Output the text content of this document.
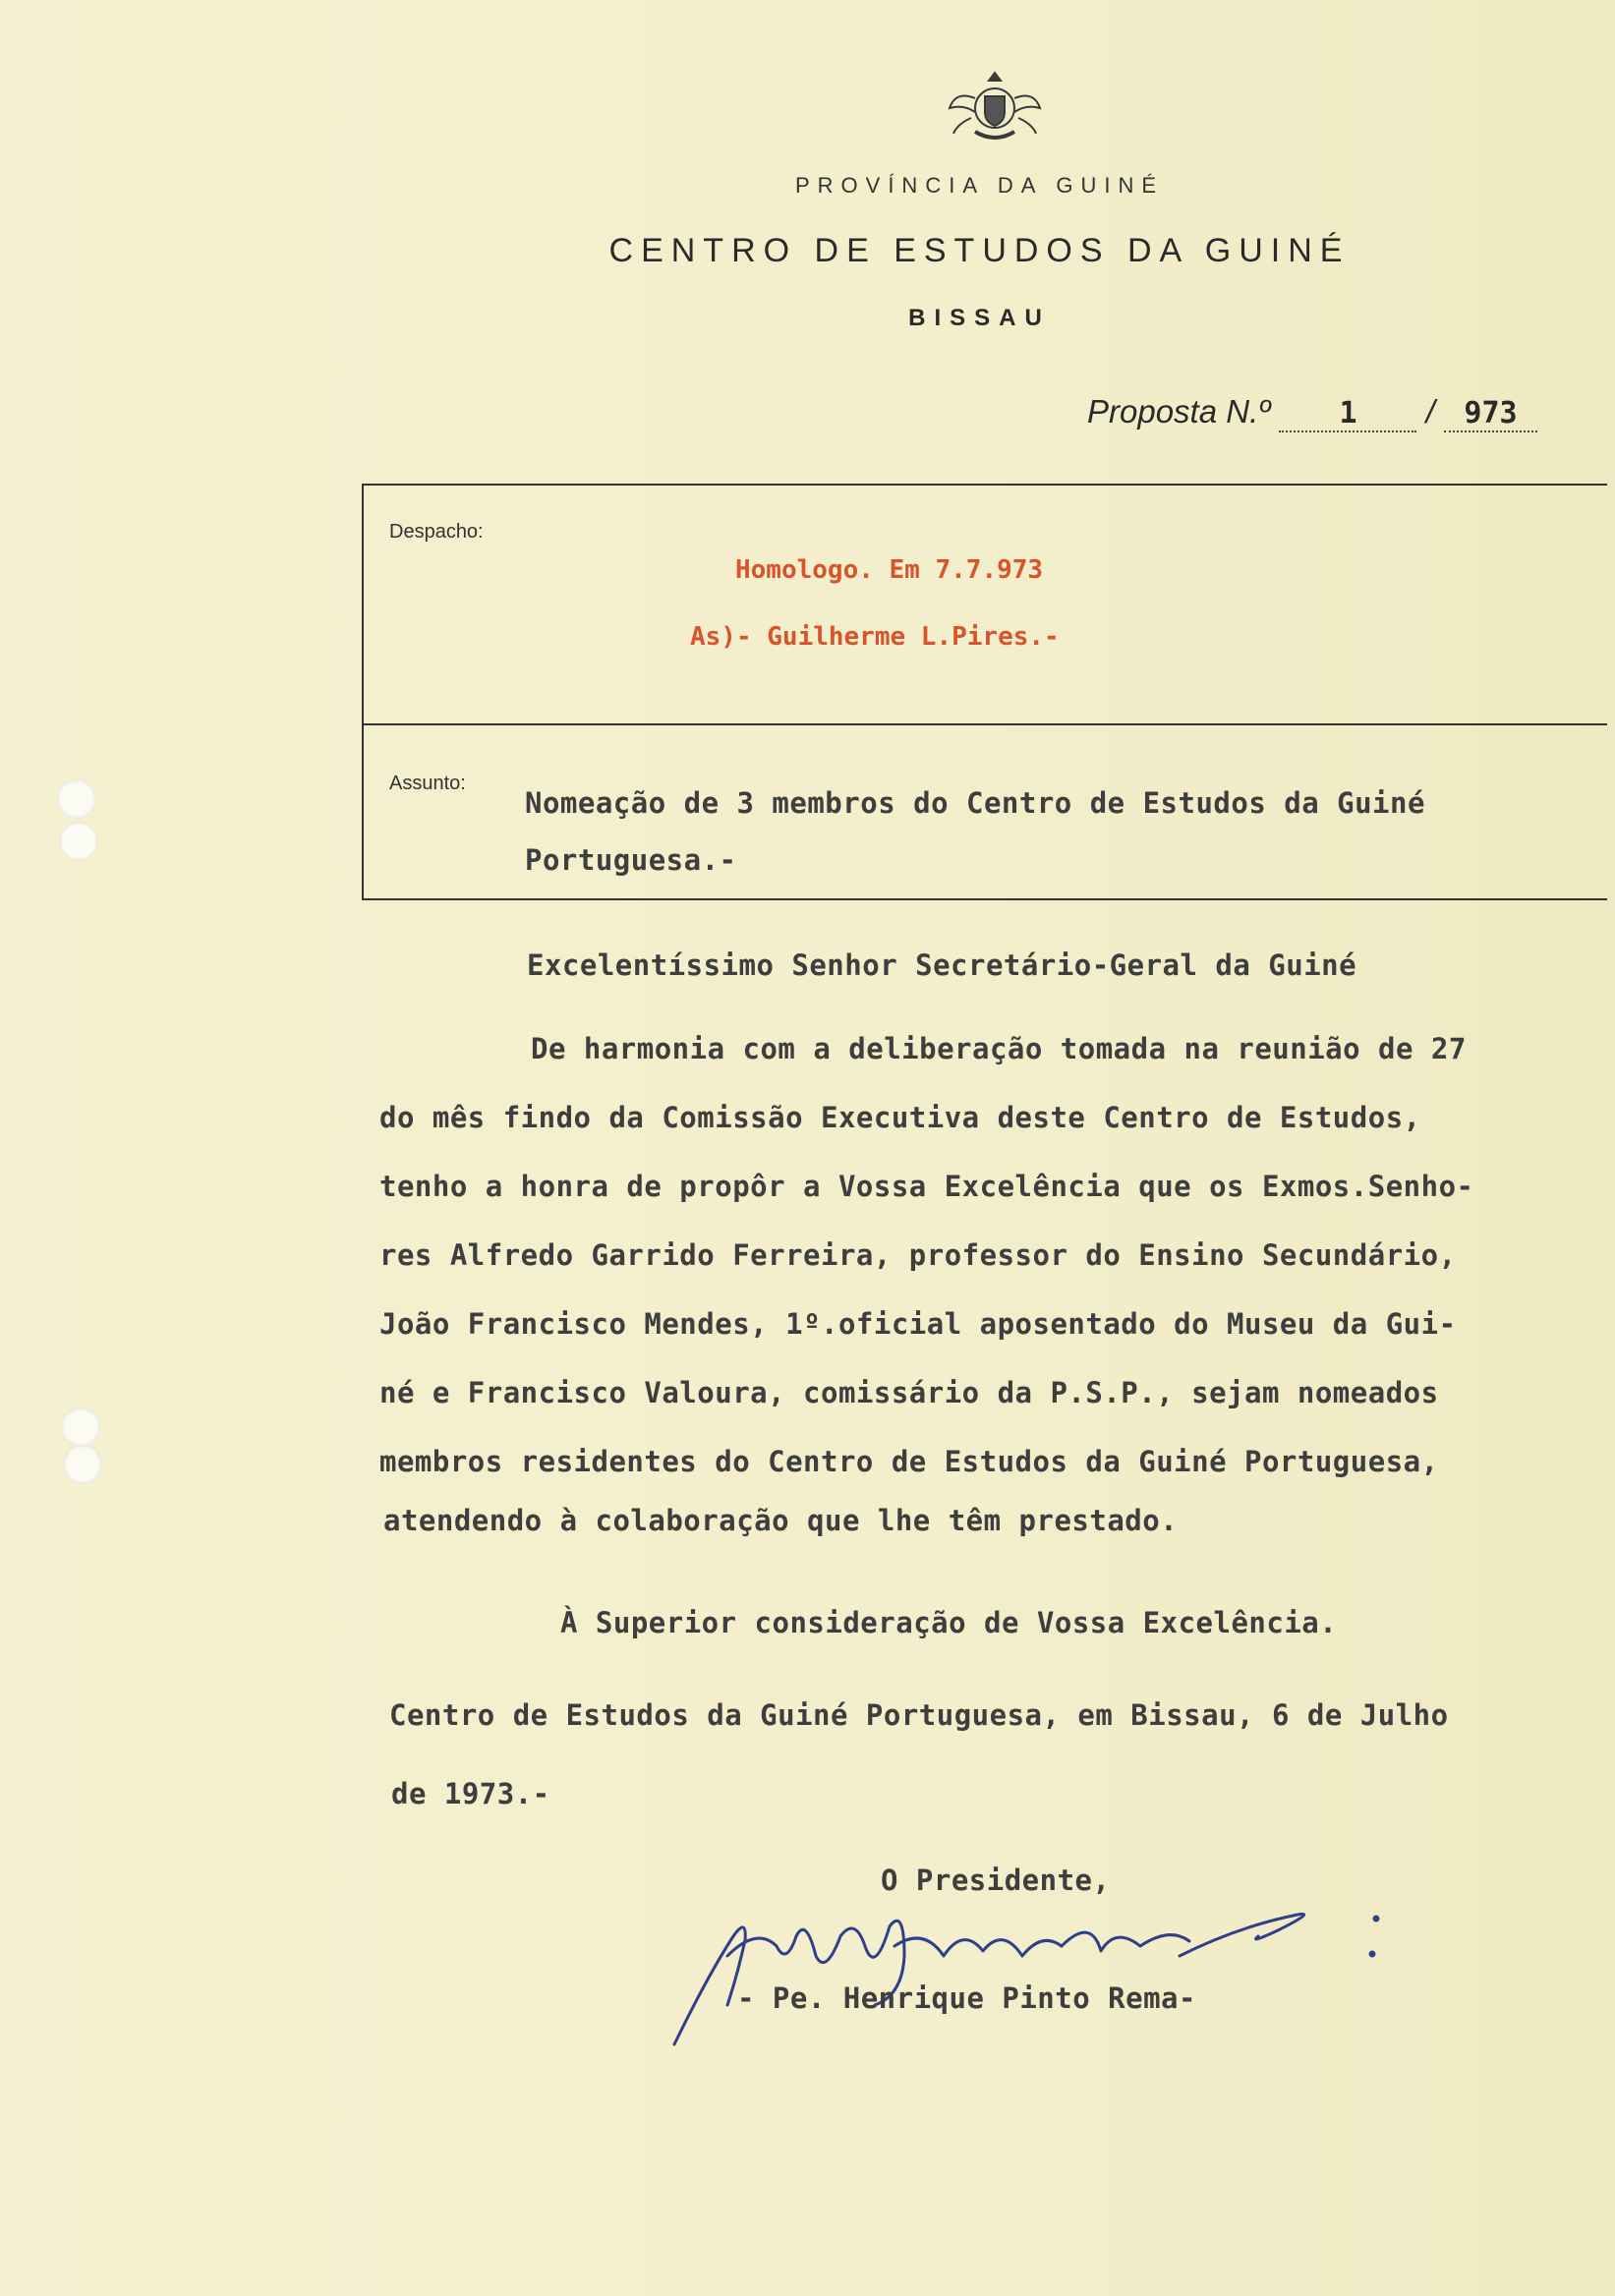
PROVÍNCIA DA GUINÉ
CENTRO DE ESTUDOS DA GUINÉ
BISSAU
Proposta N.º 1 / 973
Despacho:
Homologo. Em 7.7.973
As)- Guilherme L.Pires.-
Assunto:
Nomeação de 3 membros do Centro de Estudos da Guiné
Portuguesa.-
Excelentíssimo Senhor Secretário-Geral da Guiné
De harmonia com a deliberação tomada na reunião de 27
do mês findo da Comissão Executiva deste Centro de Estudos,
tenho a honra de propôr a Vossa Excelência que os Exmos.Senho-
res Alfredo Garrido Ferreira, professor do Ensino Secundário,
João Francisco Mendes, 1º.oficial aposentado do Museu da Gui-
né e Francisco Valoura, comissário da P.S.P., sejam nomeados
membros residentes do Centro de Estudos da Guiné Portuguesa,
atendendo à colaboração que lhe têm prestado.
À Superior consideração de Vossa Excelência.
Centro de Estudos da Guiné Portuguesa, em Bissau, 6 de Julho
de 1973.-
O Presidente,
- Pe. Henrique Pinto Rema-
